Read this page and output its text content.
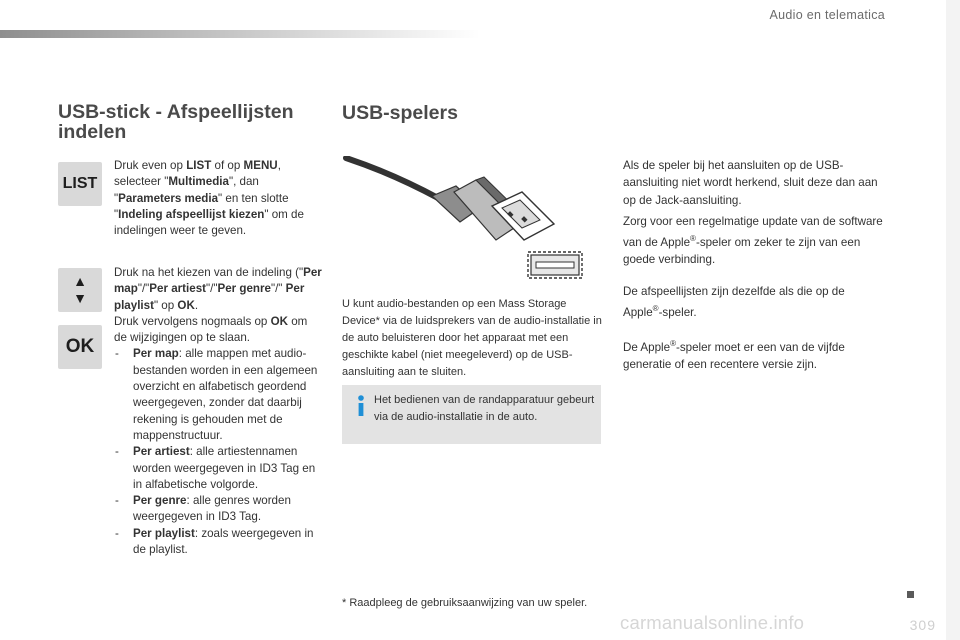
Audio en telematica
USB-stick - Afspeellijsten indelen
LIST
▲
▼
OK
Druk even op LIST of op MENU, selecteer "Multimedia", dan "Parameters media" en ten slotte "Indeling afspeellijst kiezen" om de indelingen weer te geven.
Druk na het kiezen van de indeling ("Per map"/"Per artiest"/"Per genre"/" Per playlist" op OK.
Druk vervolgens nogmaals op OK om de wijzigingen op te slaan.
- Per map: alle mappen met audio-bestanden worden in een algemeen overzicht en alfabetisch geordend weergegeven, zonder dat daarbij rekening is gehouden met de mappenstructuur.
- Per artiest: alle artiestennamen worden weergegeven in ID3 Tag en in alfabetische volgorde.
- Per genre: alle genres worden weergegeven in ID3 Tag.
- Per playlist: zoals weergegeven in de playlist.
USB-spelers
U kunt audio-bestanden op een Mass Storage Device* via de luidsprekers van de audio-installatie in de auto beluisteren door het apparaat met een geschikte kabel (niet meegeleverd) op de USB-aansluiting aan te sluiten.
Het bedienen van de randapparatuur gebeurt via de audio-installatie in de auto.
* Raadpleeg de gebruiksaanwijzing van uw speler.
Als de speler bij het aansluiten op de USB-aansluiting niet wordt herkend, sluit deze dan aan op de Jack-aansluiting.
Zorg voor een regelmatige update van de software van de Apple®-speler om zeker te zijn van een goede verbinding.
De afspeellijsten zijn dezelfde als die op de Apple®-speler.
De Apple®-speler moet er een van de vijfde generatie of een recentere versie zijn.
carmanualsonline.info	309
